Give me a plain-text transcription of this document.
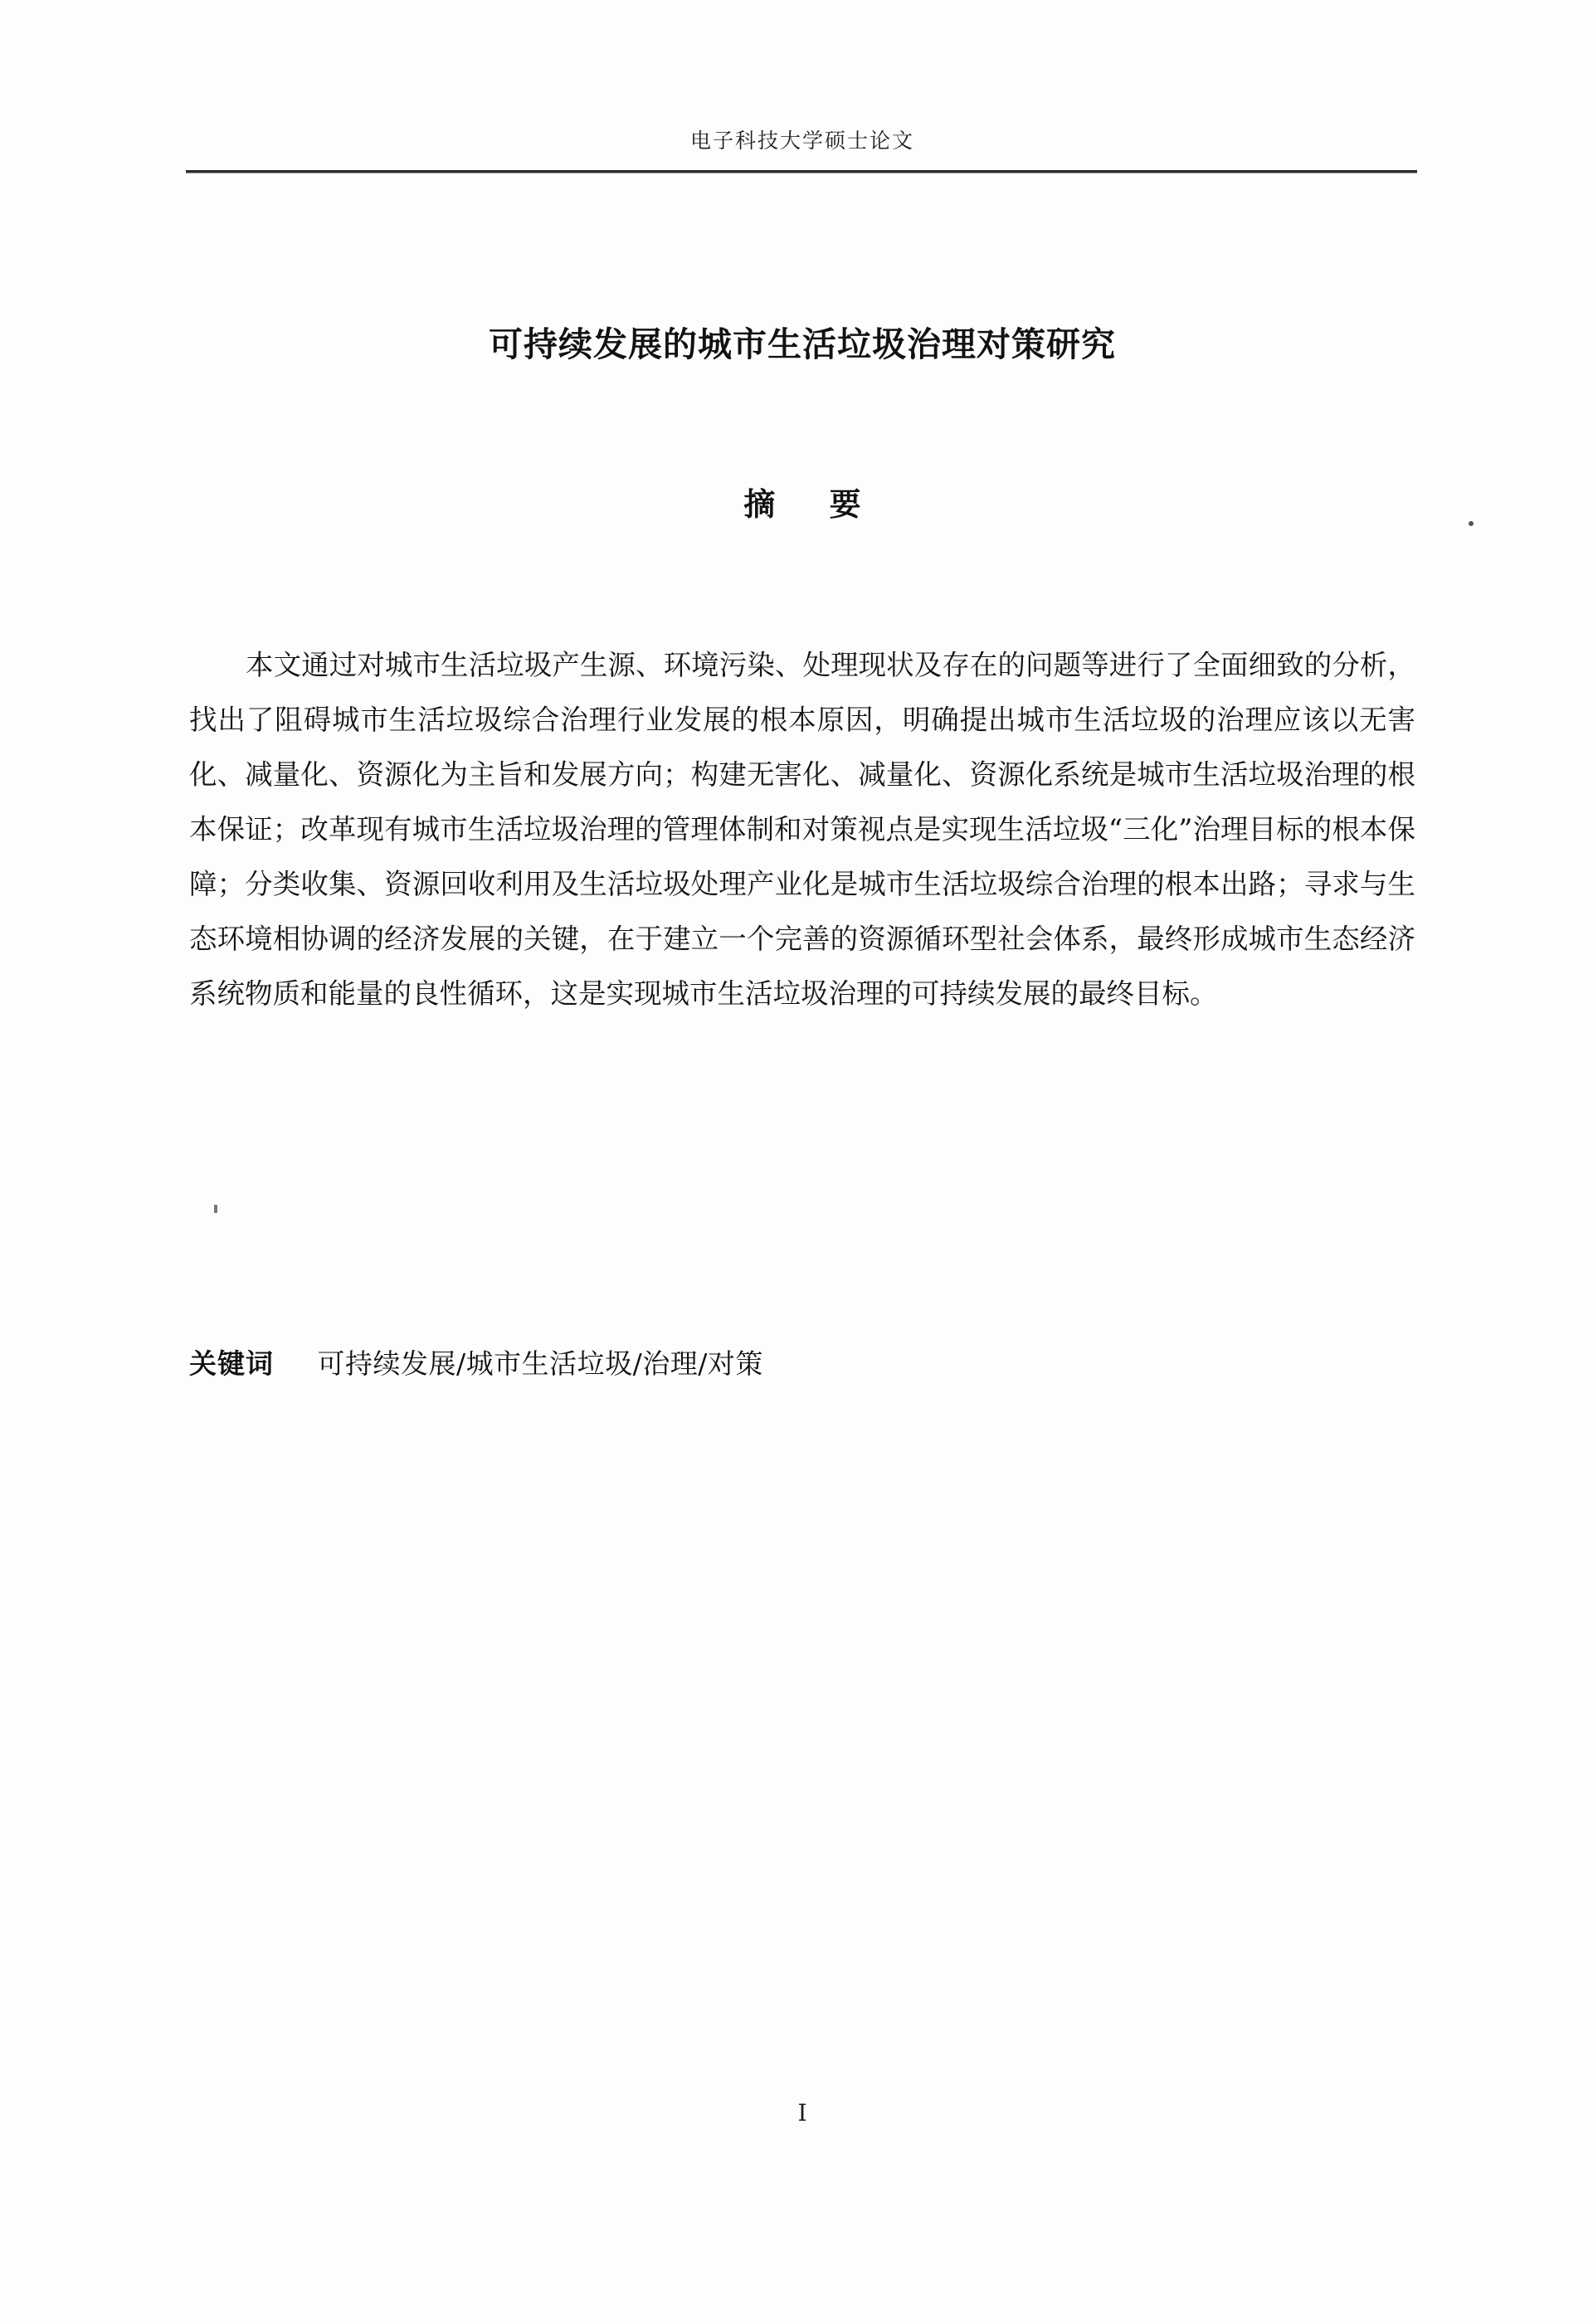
电子科技大学硕士论文
可持续发展的城市生活垃圾治理对策研究
摘 要

本文通过对城市生活垃圾产生源、环境污染、处理现状及存在的问题等进行了全面细致的分析，找出了阻碍城市生活垃圾综合治理行业发展的根本原因，明确提出城市生活垃圾的治理应该以无害化、减量化、资源化为主旨和发展方向；构建无害化、减量化、资源化系统是城市生活垃圾治理的根本保证；改革现有城市生活垃圾治理的管理体制和对策视点是实现生活垃圾“三化”治理目标的根本保障；分类收集、资源回收利用及生活垃圾处理产业化是城市生活垃圾综合治理的根本出路；寻求与生态环境相协调的经济发展的关键，在于建立一个完善的资源循环型社会体系，最终形成城市生态经济系统物质和能量的良性循环，这是实现城市生活垃圾治理的可持续发展的最终目标。

关键词 可持续发展/城市生活垃圾/治理/对策
I
